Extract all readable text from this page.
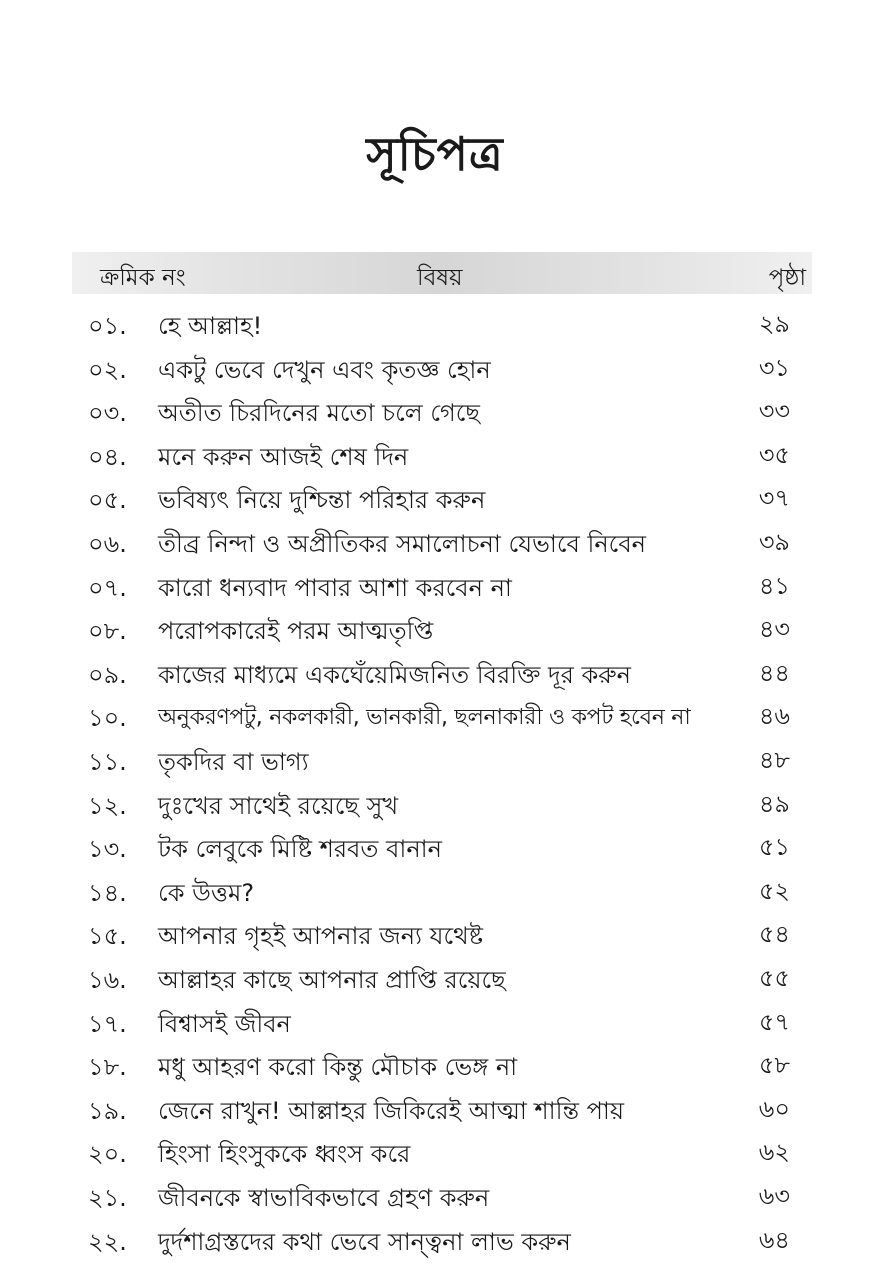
সূচিপত্র
ক্রমিক নং	বিষয়	পৃষ্ঠা
০১. হে আল্লাহ!	২৯
০২. একটু ভেবে দেখুন এবং কৃতজ্ঞ হোন	৩১
০৩. অতীত চিরদিনের মতো চলে গেছে	৩৩
০৪. মনে করুন আজই শেষ দিন	৩৫
০৫. ভবিষ্যৎ নিয়ে দুশ্চিন্তা পরিহার করুন	৩৭
০৬. তীব্র নিন্দা ও অপ্রীতিকর সমালোচনা যেভাবে নিবেন	৩৯
০৭. কারো ধন্যবাদ পাবার আশা করবেন না	৪১
০৮. পরোপকারেই পরম আত্মতৃপ্তি	৪৩
০৯. কাজের মাধ্যমে একঘেঁয়েমিজনিত বিরক্তি দূর করুন	৪৪
১০. অনুকরণপটু, নকলকারী, ভানকারী, ছলনাকারী ও কপট হবেন না	৪৬
১১. তৃকদির বা ভাগ্য	৪৮
১২. দুঃখের সাথেই রয়েছে সুখ	৪৯
১৩. টক লেবুকে মিষ্টি শরবত বানান	৫১
১৪. কে উত্তম?	৫২
১৫. আপনার গৃহই আপনার জন্য যথেষ্ট	৫৪
১৬. আল্লাহর কাছে আপনার প্রাপ্তি রয়েছে	৫৫
১৭. বিশ্বাসই জীবন	৫৭
১৮. মধু আহরণ করো কিন্তু মৌচাক ভেঙ্গ না	৫৮
১৯. জেনে রাখুন! আল্লাহর জিকিরেই আত্মা শান্তি পায়	৬০
২০. হিংসা হিংসুককে ধ্বংস করে	৬২
২১. জীবনকে স্বাভাবিকভাবে গ্রহণ করুন	৬৩
২২. দুর্দশাগ্রস্তদের কথা ভেবে সান্ত্বনা লাভ করুন	৬৪
